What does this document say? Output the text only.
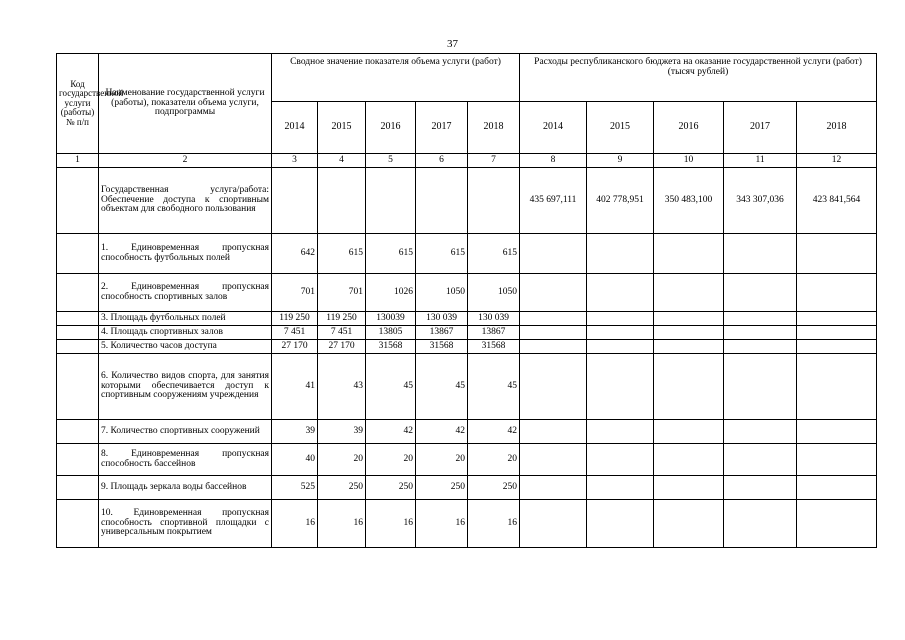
37
Код государственной услуги (работы) № п/п	Наименование государственной услуги (работы), показатели объема услуги, подпрограммы	Сводное значение показателя объема услуги (работ)					Расходы республиканского бюджета на оказание государственной услуги (работ) (тысяч рублей)				
		2014	2015	2016	2017	2018	2014	2015	2016	2017	2018
1	2	3	4	5	6	7	8	9	10	11	12
	Государственная услуга/работа: Обеспечение доступа к спортивным объектам для свободного пользования						435 697,111	402 778,951	350 483,100	343 307,036	423 841,564
	1. Единовременная пропускная способность футбольных полей	642	615	615	615	615					
	2. Единовременная пропускная способность спортивных залов	701	701	1026	1050	1050					
	3. Площадь футбольных полей	119 250	119 250	130039	130 039	130 039					
	4. Площадь спортивных залов	7 451	7 451	13805	13867	13867					
	5. Количество часов доступа	27 170	27 170	31568	31568	31568					
	6. Количество видов спорта, для занятия которыми обеспечивается доступ к спортивным сооружениям учреждения	41	43	45	45	45					
	7. Количество спортивных сооружений	39	39	42	42	42					
	8. Единовременная пропускная способность бассейнов	40	20	20	20	20					
	9. Площадь зеркала воды бассейнов	525	250	250	250	250					
	10. Единовременная пропускная способность спортивной площадки с универсальным покрытием	16	16	16	16	16					
